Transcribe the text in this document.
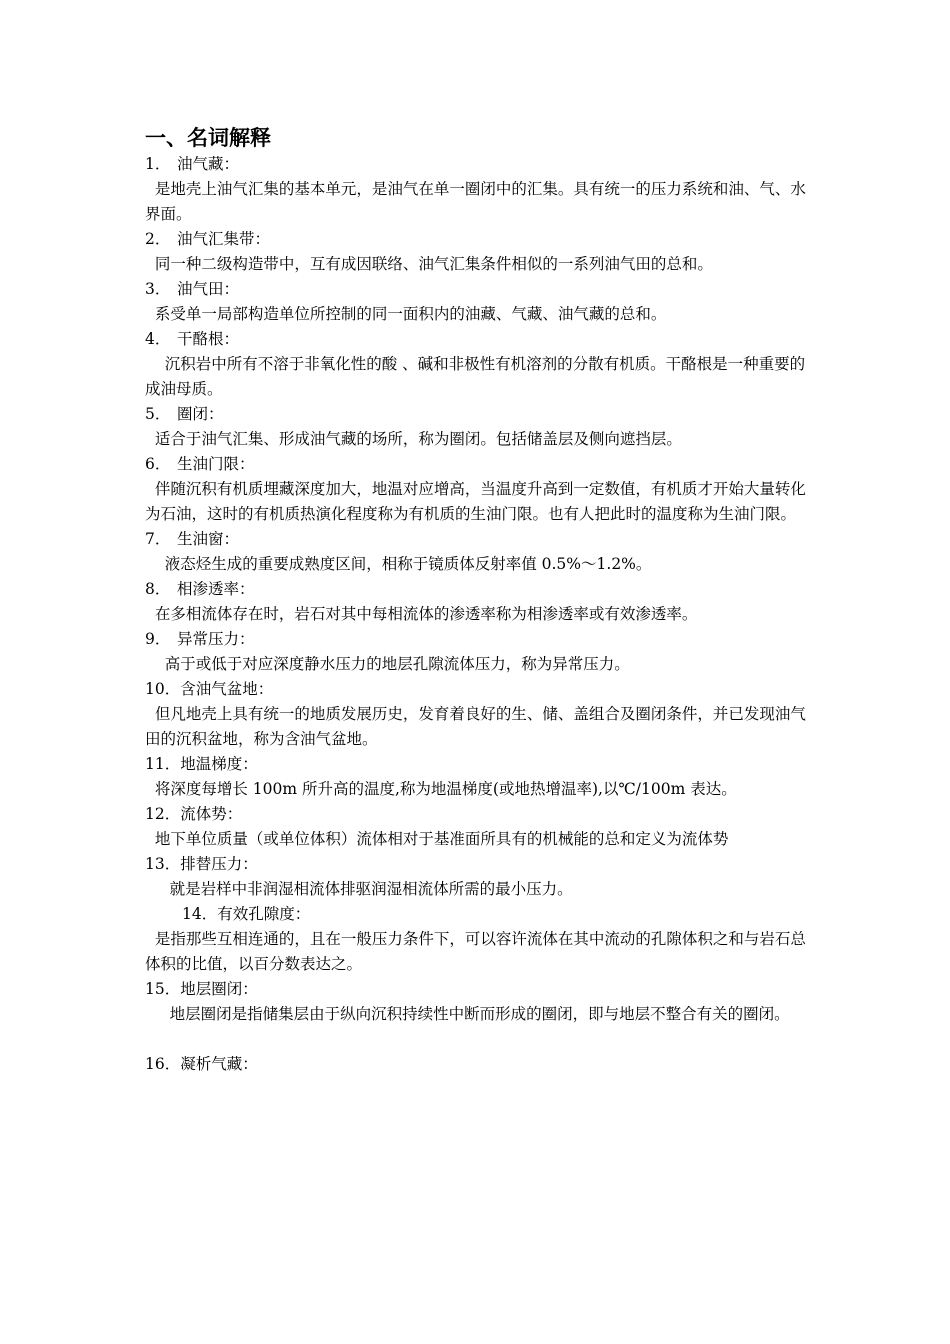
一、名词解释
1． 油气藏：
是地壳上油气汇集的基本单元，是油气在单一圈闭中的汇集。具有统一的压力系统和油、气、水界面。
2． 油气汇集带：
同一种二级构造带中，互有成因联络、油气汇集条件相似的一系列油气田的总和。
3． 油气田：
系受单一局部构造单位所控制的同一面积内的油藏、气藏、油气藏的总和。
4． 干酪根：
沉积岩中所有不溶于非氧化性的酸 、碱和非极性有机溶剂的分散有机质。干酪根是一种重要的成油母质。
5． 圈闭：
适合于油气汇集、形成油气藏的场所，称为圈闭。包括储盖层及侧向遮挡层。
6． 生油门限：
伴随沉积有机质埋藏深度加大，地温对应增高，当温度升高到一定数值，有机质才开始大量转化为石油，这时的有机质热演化程度称为有机质的生油门限。也有人把此时的温度称为生油门限。
7． 生油窗：
液态烃生成的重要成熟度区间，相称于镜质体反射率值 0.5%～1.2%。
8． 相渗透率：
在多相流体存在时，岩石对其中每相流体的渗透率称为相渗透率或有效渗透率。
9． 异常压力：
高于或低于对应深度静水压力的地层孔隙流体压力，称为异常压力。
10．含油气盆地：
但凡地壳上具有统一的地质发展历史，发育着良好的生、储、盖组合及圈闭条件，并已发现油气田的沉积盆地，称为含油气盆地。
11．地温梯度：
将深度每增长 100m 所升高的温度,称为地温梯度(或地热增温率),以℃/100m 表达。
12．流体势：
地下单位质量（或单位体积）流体相对于基准面所具有的机械能的总和定义为流体势
13．排替压力：
就是岩样中非润湿相流体排驱润湿相流体所需的最小压力。
14．有效孔隙度：
是指那些互相连通的，且在一般压力条件下，可以容许流体在其中流动的孔隙体积之和与岩石总体积的比值，以百分数表达之。
15．地层圈闭：
地层圈闭是指储集层由于纵向沉积持续性中断而形成的圈闭，即与地层不整合有关的圈闭。
16．凝析气藏：
